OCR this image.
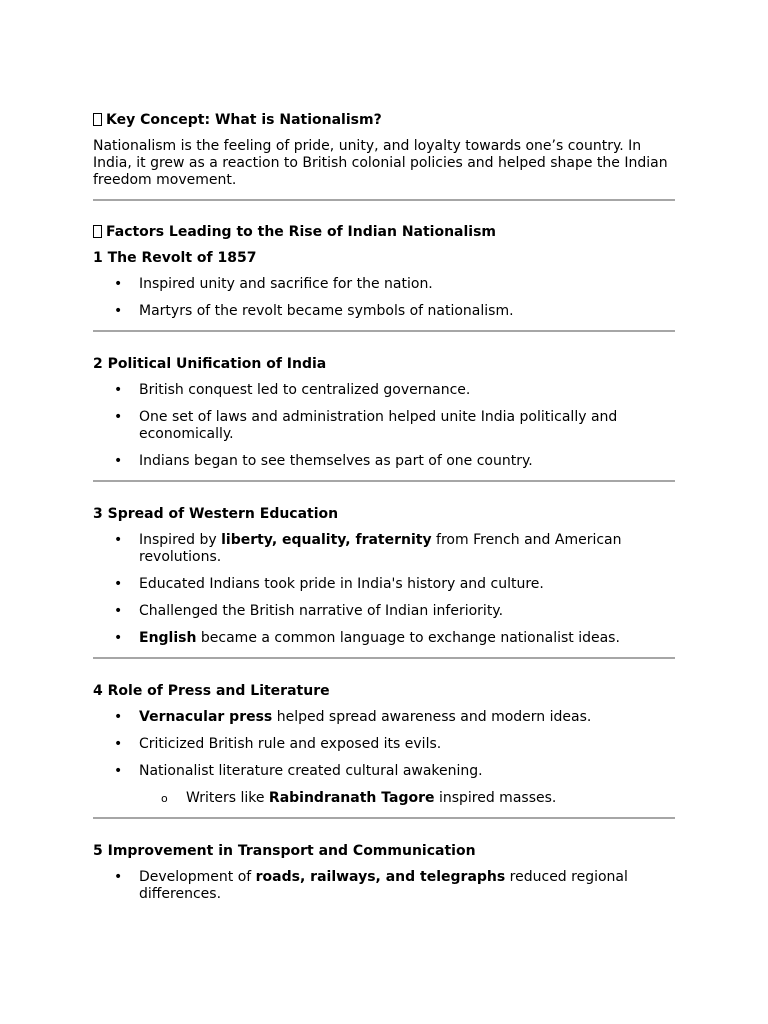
Key Concept: What is Nationalism?

Nationalism is the feeling of pride, unity, and loyalty towards one’s country. In India, it grew as a reaction to British colonial policies and helped shape the Indian freedom movement.

Factors Leading to the Rise of Indian Nationalism
1 The Revolt of 1857
• Inspired unity and sacrifice for the nation.
• Martyrs of the revolt became symbols of nationalism.
2 Political Unification of India
• British conquest led to centralized governance.
• One set of laws and administration helped unite India politically and economically.
• Indians began to see themselves as part of one country.
3 Spread of Western Education
• Inspired by liberty, equality, fraternity from French and American revolutions.
• Educated Indians took pride in India's history and culture.
• Challenged the British narrative of Indian inferiority.
• English became a common language to exchange nationalist ideas.
4 Role of Press and Literature
• Vernacular press helped spread awareness and modern ideas.
• Criticized British rule and exposed its evils.
• Nationalist literature created cultural awakening.
o Writers like Rabindranath Tagore inspired masses.
5 Improvement in Transport and Communication
• Development of roads, railways, and telegraphs reduced regional differences.
